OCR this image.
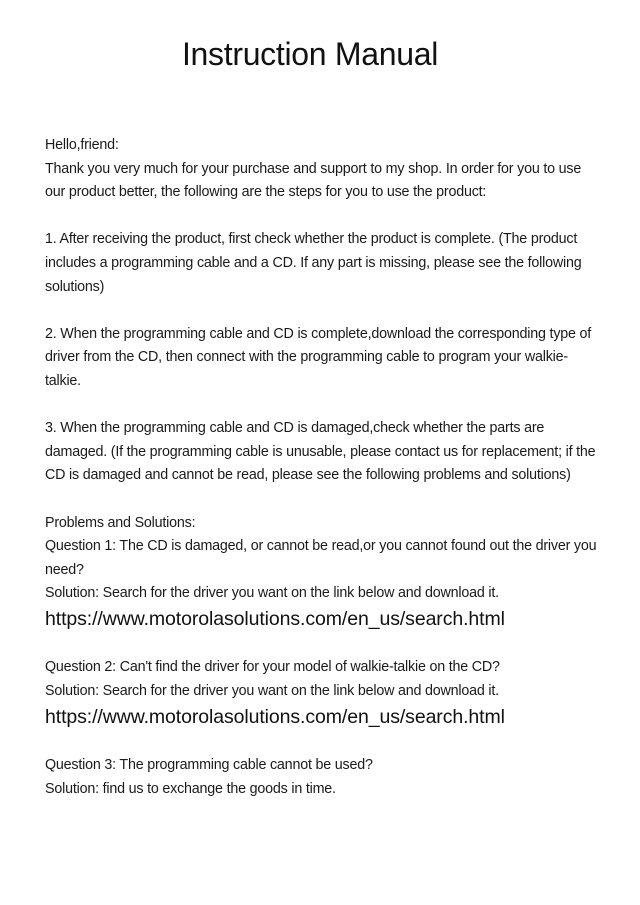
Instruction Manual

Hello,friend:

Thank you very much for your purchase and support to my shop. In order for you to use our product better, the following are the steps for you to use the product:

1. After receiving the product, first check whether the product is complete. (The product includes a programming cable and a CD. If any part is missing, please see the following solutions)

2. When the programming cable and CD is complete,download the corresponding type of driver from the CD, then connect with the programming cable to program your walkie-talkie.

3. When the programming cable and CD is damaged,check whether the parts are damaged. (If the programming cable is unusable, please contact us for replacement; if the CD is damaged and cannot be read, please see the following problems and solutions)

Problems and Solutions:

Question 1: The CD is damaged, or cannot be read,or you cannot found out the driver you need?

Solution: Search for the driver you want on the link below and download it.

https://www.motorolasolutions.com/en_us/search.html

Question 2: Can't find the driver for your model of walkie-talkie on the CD?

Solution: Search for the driver you want on the link below and download it.

https://www.motorolasolutions.com/en_us/search.html

Question 3: The programming cable cannot be used?

Solution: find us to exchange the goods in time.
